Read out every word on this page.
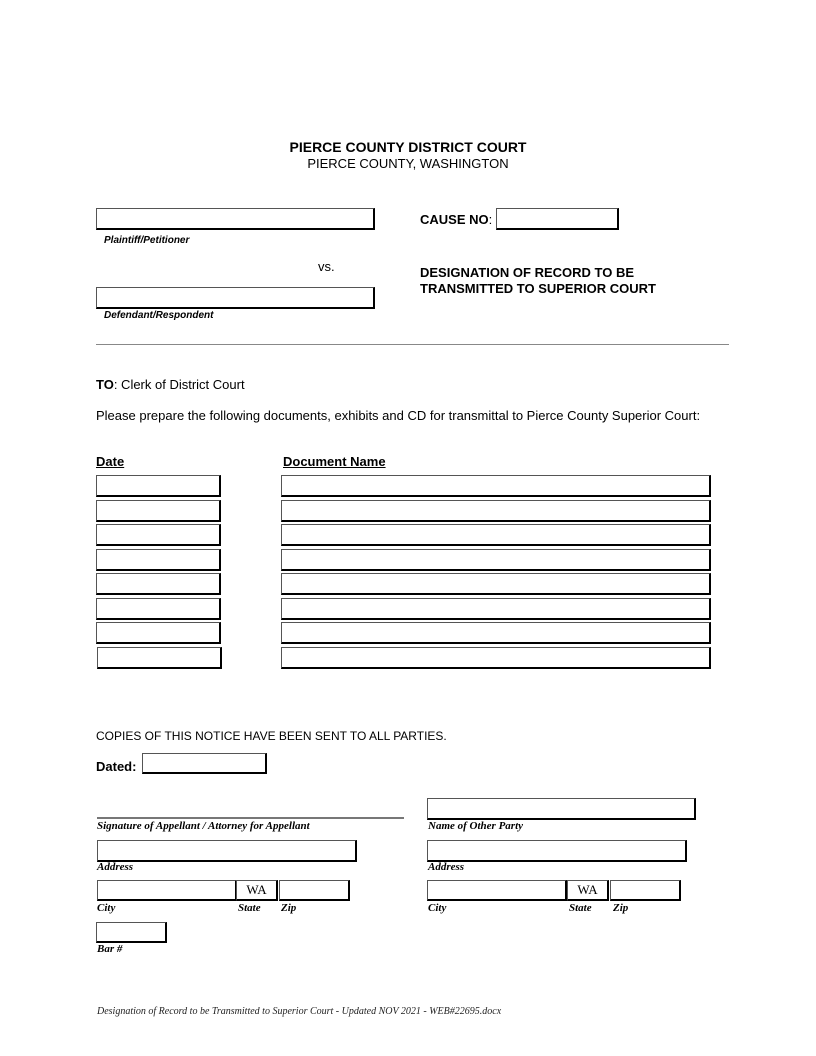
PIERCE COUNTY DISTRICT COURT
PIERCE COUNTY, WASHINGTON
Plaintiff/Petitioner
vs.
Defendant/Respondent
CAUSE NO:
DESIGNATION OF RECORD TO BE
TRANSMITTED TO SUPERIOR COURT
TO: Clerk of District Court
Please prepare the following documents, exhibits and CD for transmittal to Pierce County Superior Court:
Date	Document Name
COPIES OF THIS NOTICE HAVE BEEN SENT TO ALL PARTIES.
Dated:
Signature of Appellant / Attorney for Appellant
Address
WA
City	State Zip
Bar #
Name of Other Party
Address
WA
City	State Zip
Designation of Record to be Transmitted to Superior Court - Updated NOV 2021 - WEB#22695.docx
